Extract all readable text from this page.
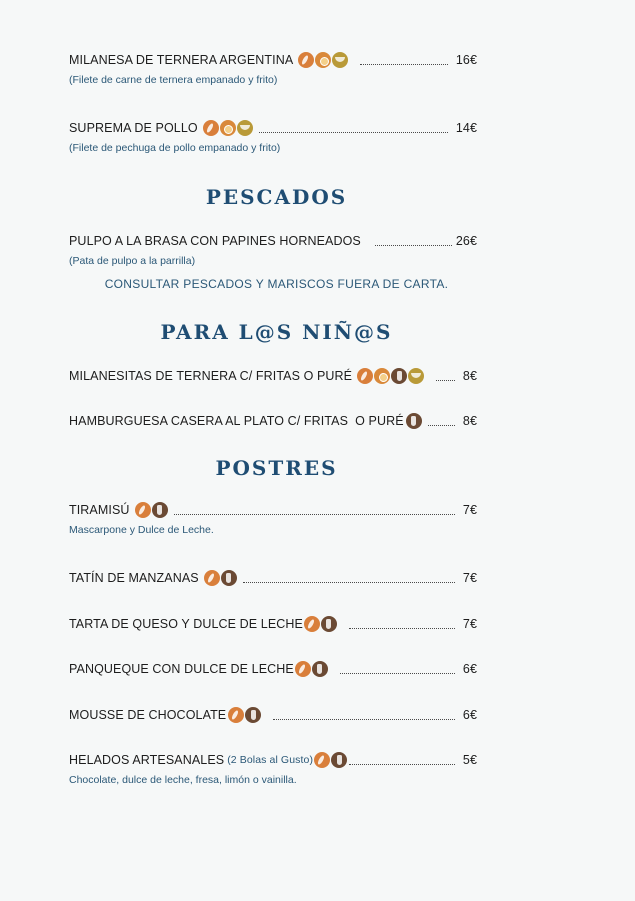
MILANESA DE TERNERA ARGENTINA	16€
(Filete de carne de ternera empanado y frito)
SUPREMA DE POLLO	14€
(Filete de pechuga de pollo empanado y frito)
PESCADOS
PULPO A LA BRASA CON PAPINES HORNEADOS	26€
(Pata de pulpo a la parrilla)
CONSULTAR PESCADOS Y MARISCOS FUERA DE CARTA.
PARA L@S NIÑ@S
MILANESITAS DE TERNERA C/ FRITAS O PURÉ	8€
HAMBURGUESA CASERA AL PLATO C/ FRITAS  O PURÉ	8€
POSTRES
TIRAMISÚ	7€
Mascarpone y Dulce de Leche.
TATÍN DE MANZANAS	7€
TARTA DE QUESO Y DULCE DE LECHE	7€
PANQUEQUE CON DULCE DE LECHE	6€
MOUSSE DE CHOCOLATE	6€
HELADOS ARTESANALES (2 Bolas al Gusto)	5€
Chocolate, dulce de leche, fresa, limón o vainilla.
